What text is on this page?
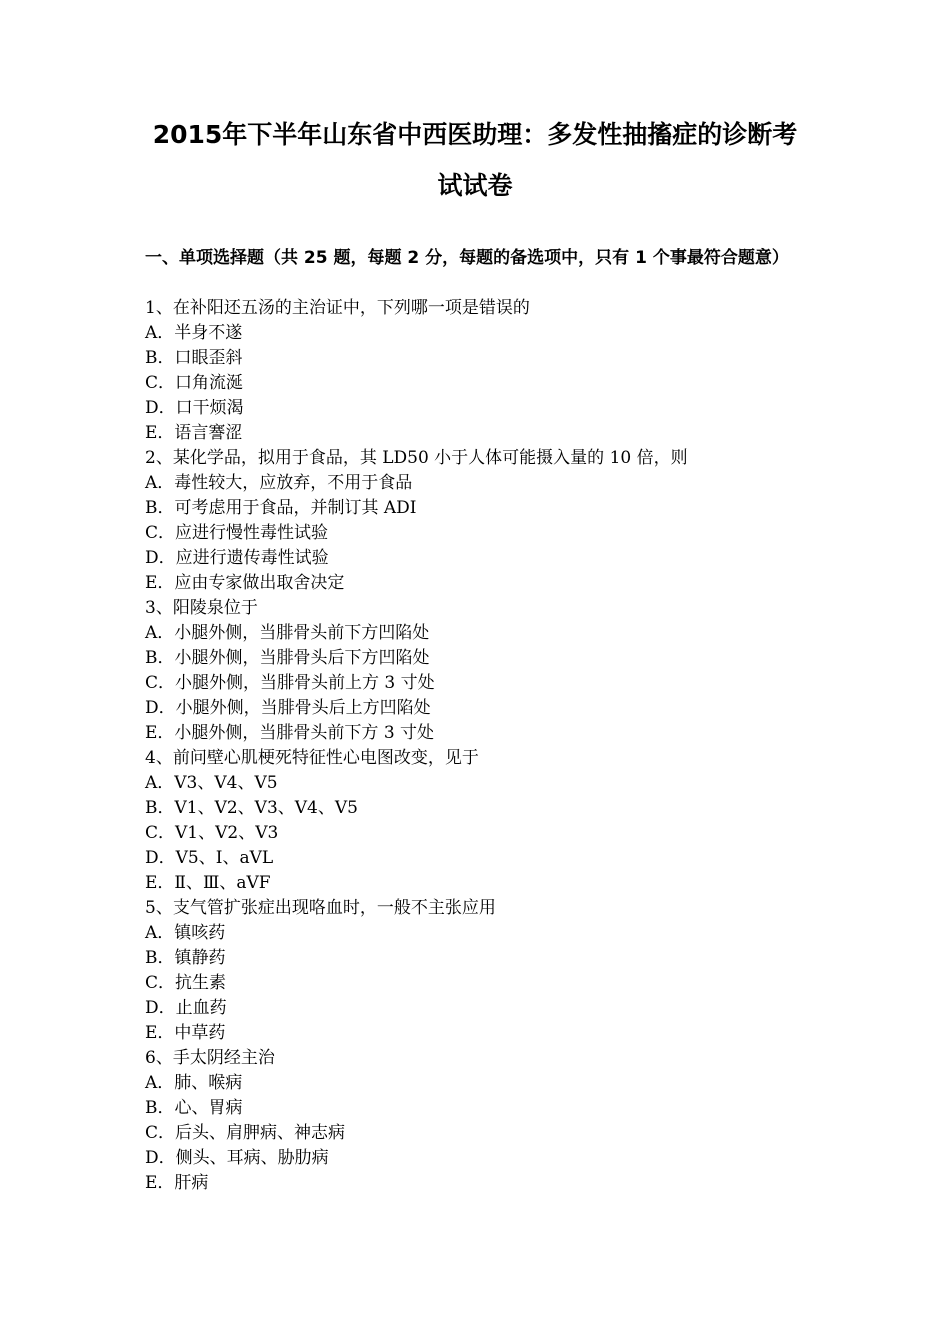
2015年下半年山东省中西医助理：多发性抽搐症的诊断考
试试卷
一、单项选择题（共 25 题，每题 2 分，每题的备选项中，只有 1 个事最符合题意）
1、在补阳还五汤的主治证中，下列哪一项是错误的
A．半身不遂
B．口眼歪斜
C．口角流涎
D．口干烦渴
E．语言謇涩
2、某化学品，拟用于食品，其 LD50 小于人体可能摄入量的 10 倍，则
A．毒性较大，应放弃，不用于食品
B．可考虑用于食品，并制订其 ADI
C．应进行慢性毒性试验
D．应进行遗传毒性试验
E．应由专家做出取舍决定
3、阳陵泉位于
A．小腿外侧，当腓骨头前下方凹陷处
B．小腿外侧，当腓骨头后下方凹陷处
C．小腿外侧，当腓骨头前上方 3 寸处
D．小腿外侧，当腓骨头后上方凹陷处
E．小腿外侧，当腓骨头前下方 3 寸处
4、前问壁心肌梗死特征性心电图改变，见于
A．Ⅴ3、Ⅴ4、Ⅴ5
B．Ⅴ1、Ⅴ2、Ⅴ3、Ⅴ4、Ⅴ5
C．Ⅴ1、Ⅴ2、Ⅴ3
D．Ⅴ5、Ⅰ、aⅤL
E．Ⅱ、Ⅲ、aⅤF
5、支气管扩张症出现咯血时，一般不主张应用
A．镇咳药
B．镇静药
C．抗生素
D．止血药
E．中草药
6、手太阴经主治
A．肺、喉病
B．心、胃病
C．后头、肩胛病、神志病
D．侧头、耳病、胁肋病
E．肝病
